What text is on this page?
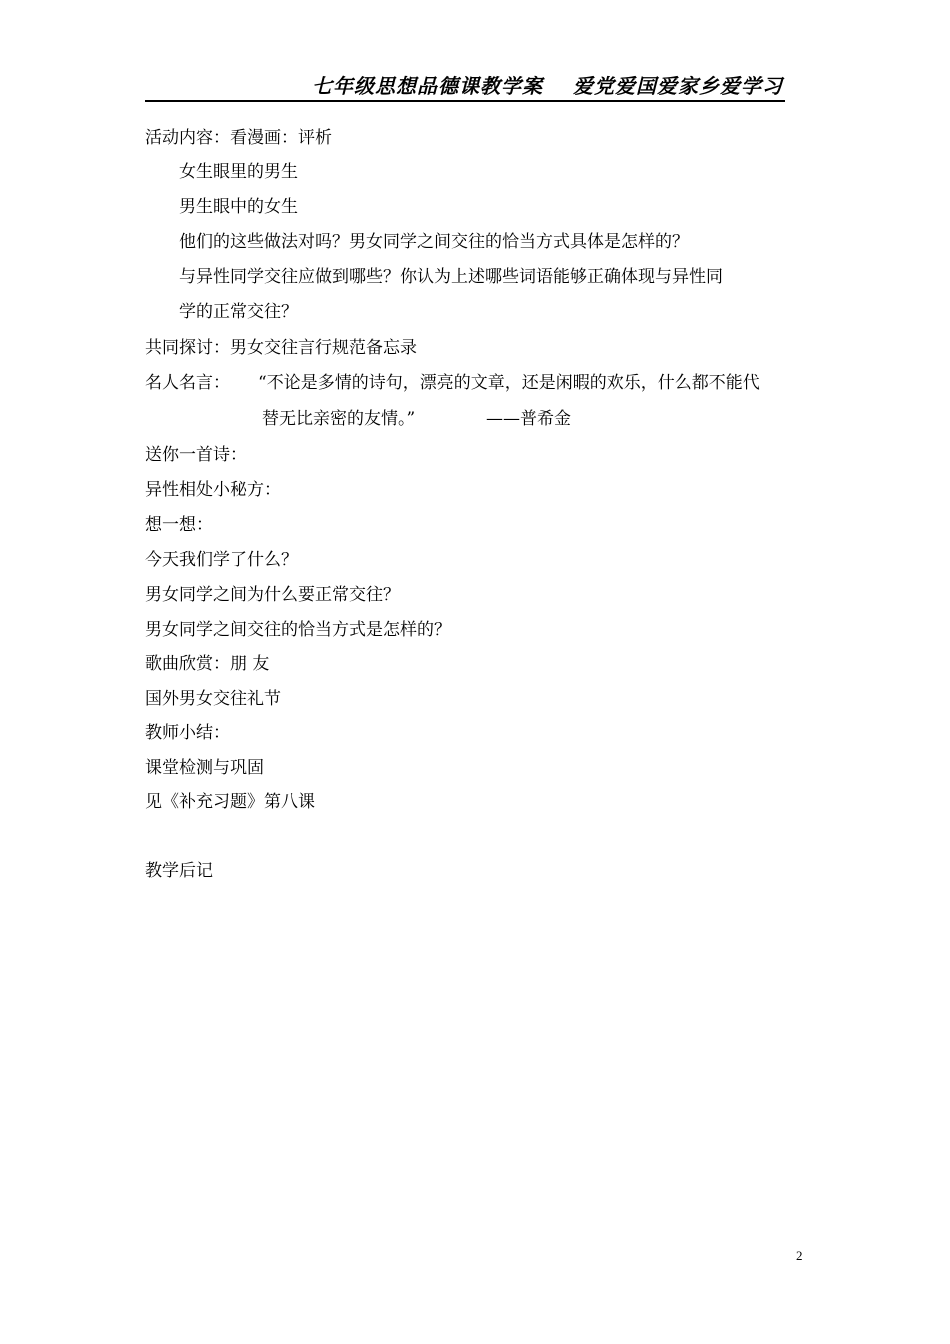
七年级思想品德课教学案 爱党爱国爱家乡爱学习
活动内容：看漫画：评析
女生眼里的男生
男生眼中的女生
他们的这些做法对吗？男女同学之间交往的恰当方式具体是怎样的？
与异性同学交往应做到哪些？你认为上述哪些词语能够正确体现与异性同
学的正常交往？
共同探讨：男女交往言行规范备忘录
名人名言： “不论是多情的诗句，漂亮的文章，还是闲暇的欢乐，什么都不能代
替无比亲密的友情。”	——普希金
送你一首诗：
异性相处小秘方：
想一想：
今天我们学了什么？
男女同学之间为什么要正常交往？
男女同学之间交往的恰当方式是怎样的？
歌曲欣赏：朋 友
国外男女交往礼节
教师小结：
课堂检测与巩固
见《补充习题》第八课
教学后记
2
